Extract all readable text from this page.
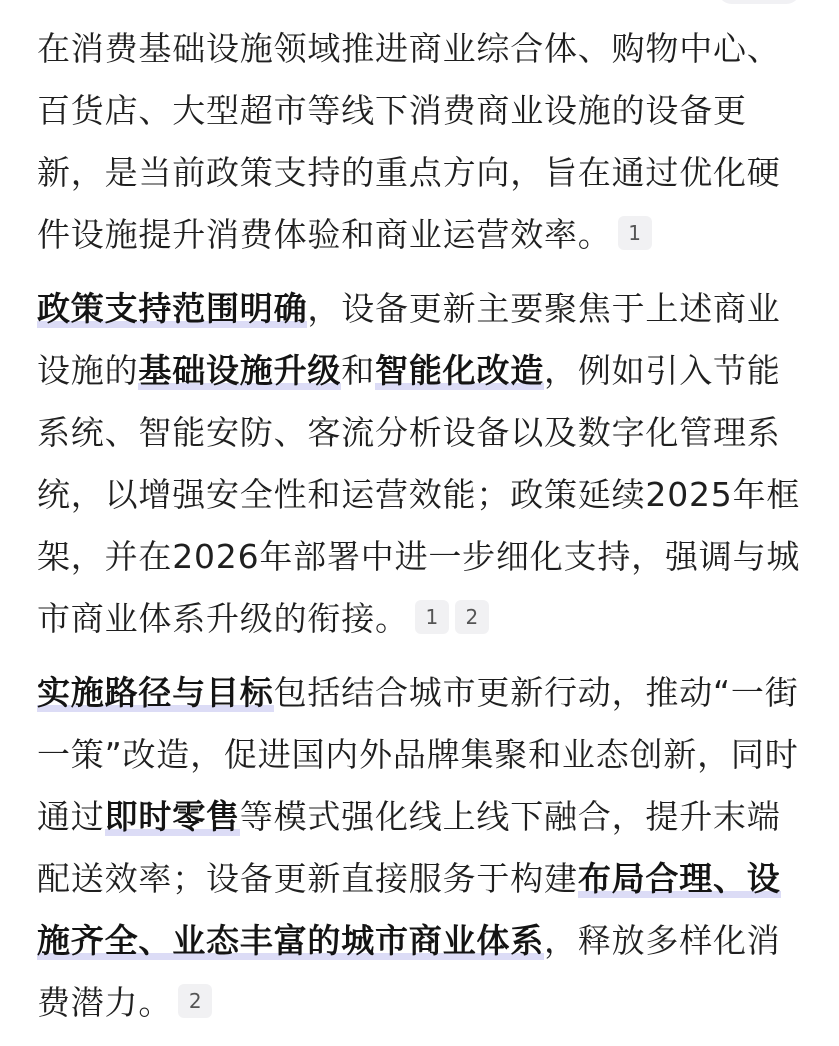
在消费基础设施领域推进商业综合体、购物中心、百货店、大型超市等线下消费商业设施的设备更新，是当前政策支持的重点方向，旨在通过优化硬件设施提升消费体验和商业运营效率。 1

政策支持范围明确，设备更新主要聚焦于上述商业设施的基础设施升级和智能化改造，例如引入节能系统、智能安防、客流分析设备以及数字化管理系统，以增强安全性和运营效能；政策延续2025年框架，并在2026年部署中进一步细化支持，强调与城市商业体系升级的衔接。 1 2

实施路径与目标包括结合城市更新行动，推动“一街一策”改造，促进国内外品牌集聚和业态创新，同时通过即时零售等模式强化线上线下融合，提升末端配送效率；设备更新直接服务于构建布局合理、设施齐全、业态丰富的城市商业体系，释放多样化消费潜力。 2
